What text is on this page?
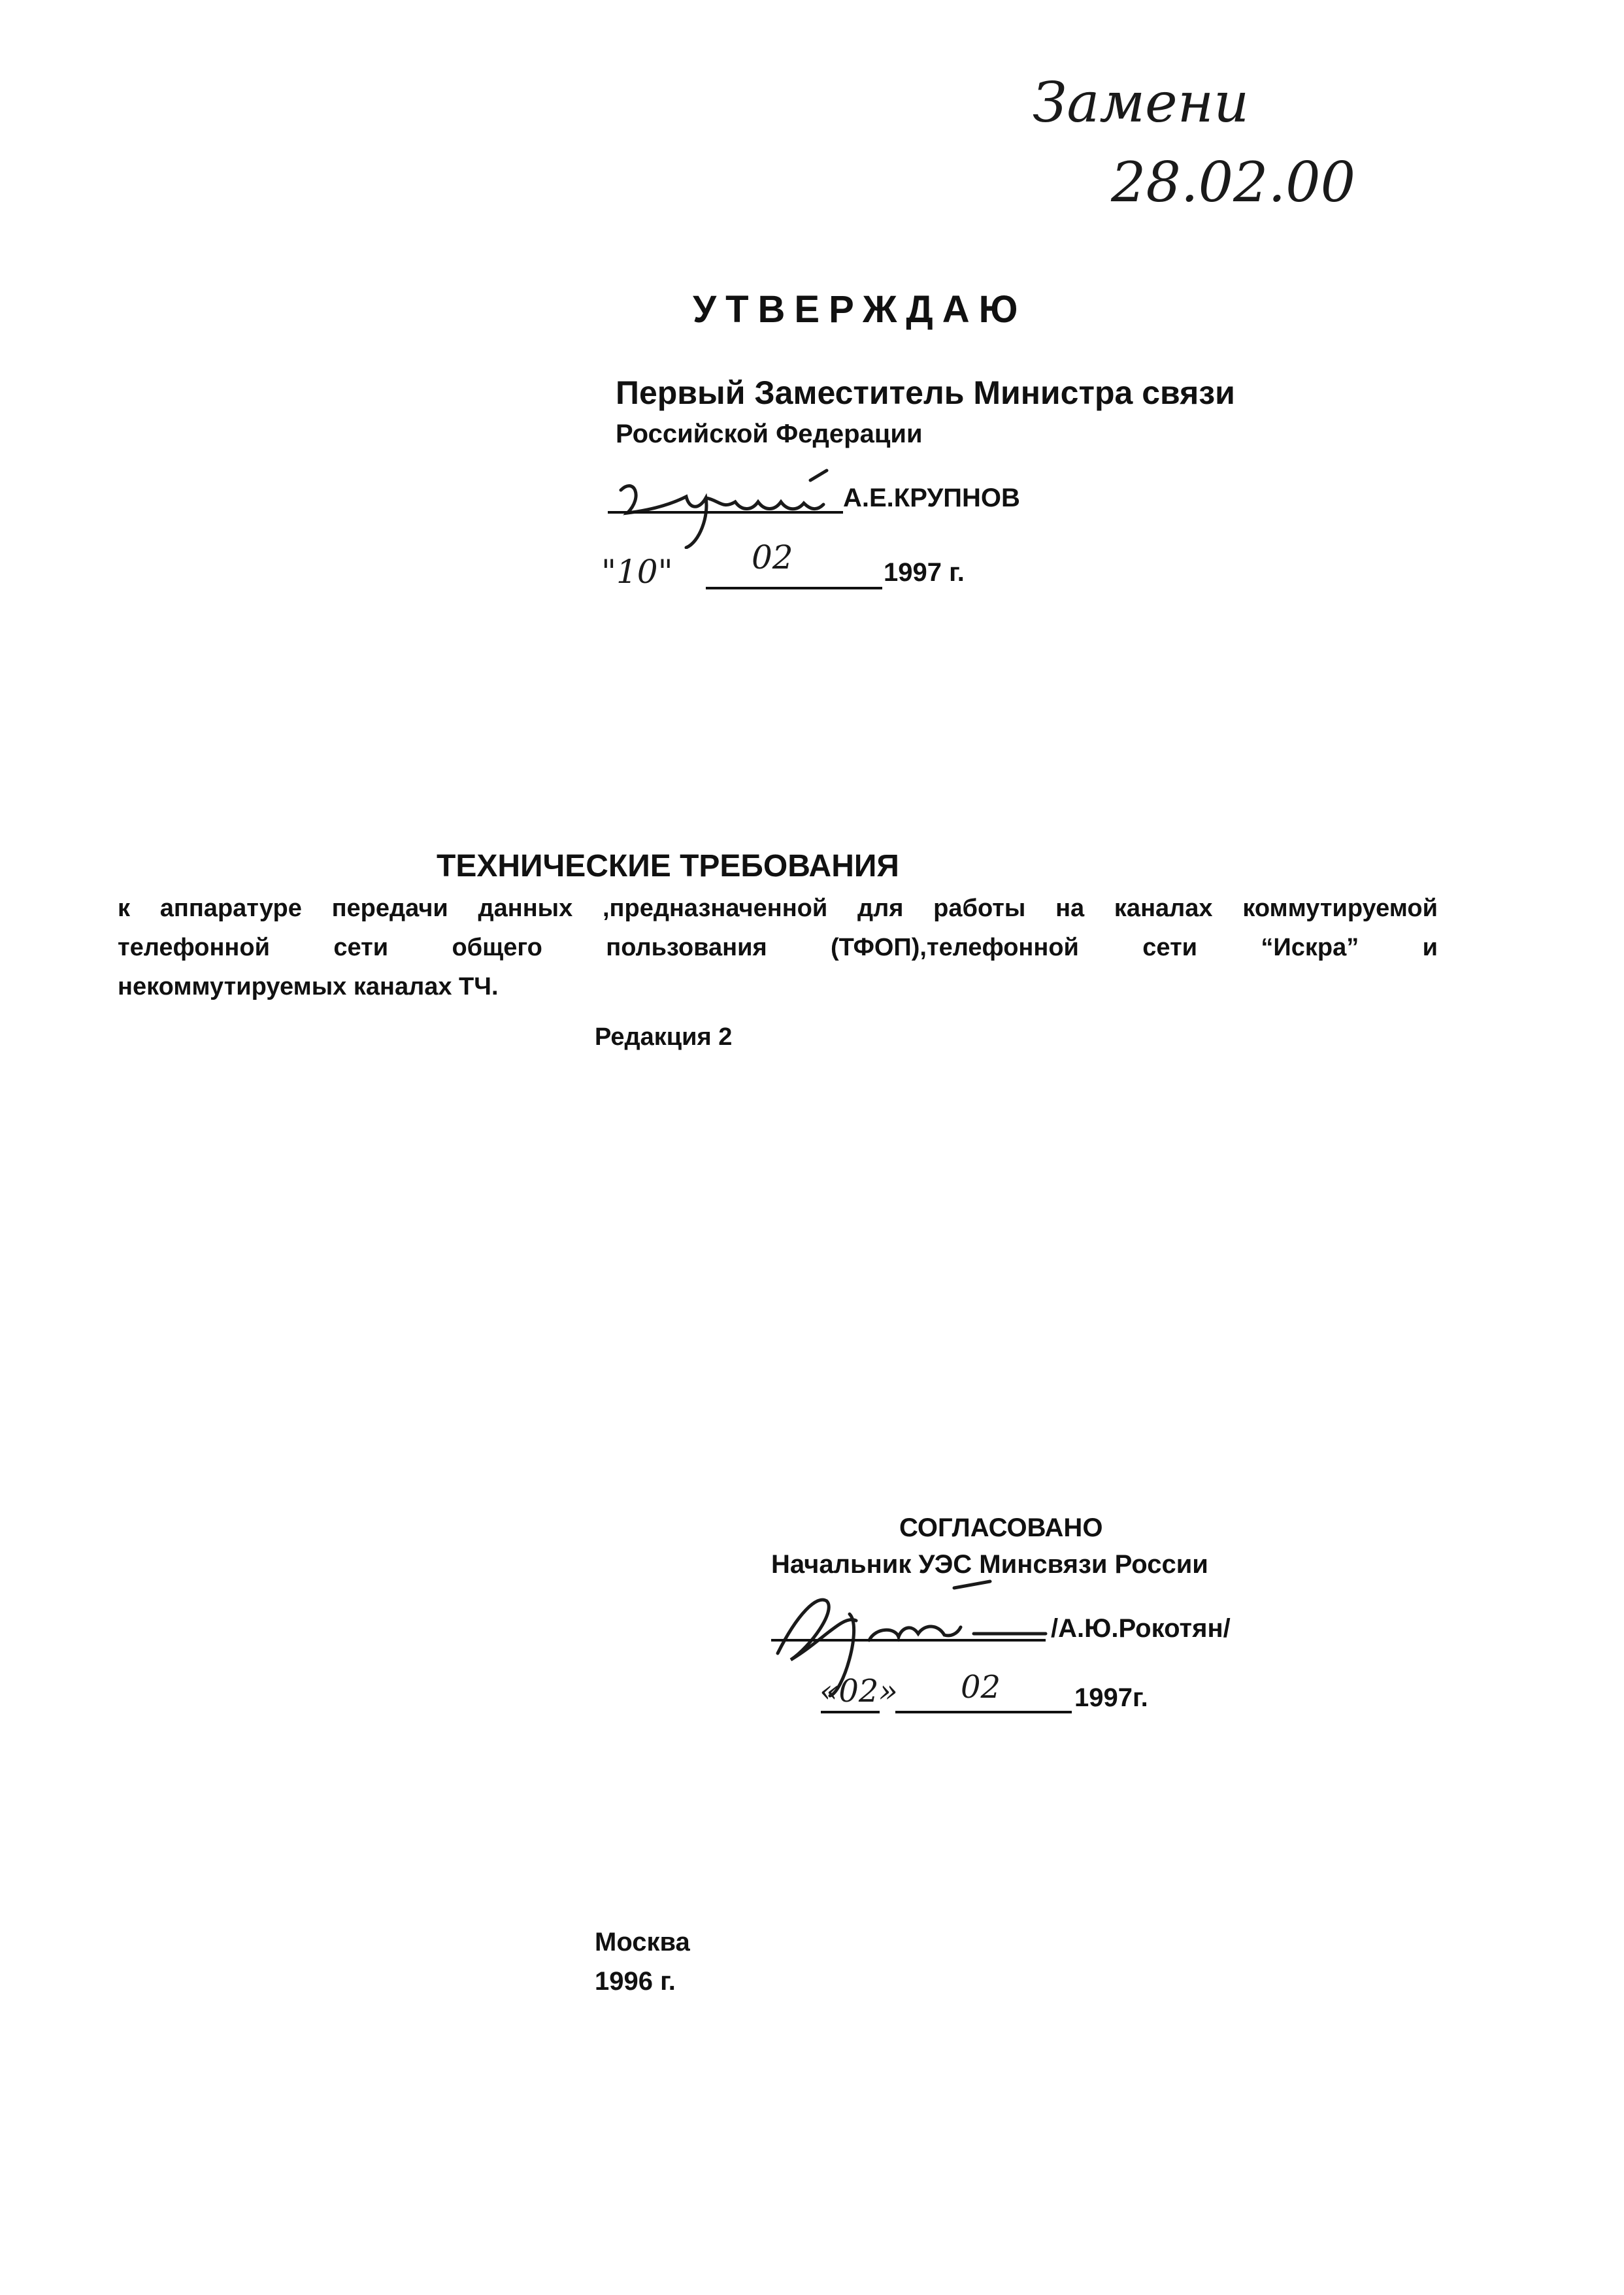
Замени
28.02.00
УТВЕРЖДАЮ
Первый Заместитель Министра связи
Российской Федерации
А.Е.КРУПНОВ
"10" 02	1997 г.
ТЕХНИЧЕСКИЕ ТРЕБОВАНИЯ
к аппаратуре передачи данных ,предназначенной для работы на каналах коммутируемой
телефонной сети общего пользования (ТФОП),телефонной сети “Искра” и
некоммутируемых каналах ТЧ.
Редакция 2
СОГЛАСОВАНО
Начальник УЭС Минсвязи России
/А.Ю.Рокотян/
«02» 02	1997г.
Москва
1996 г.
